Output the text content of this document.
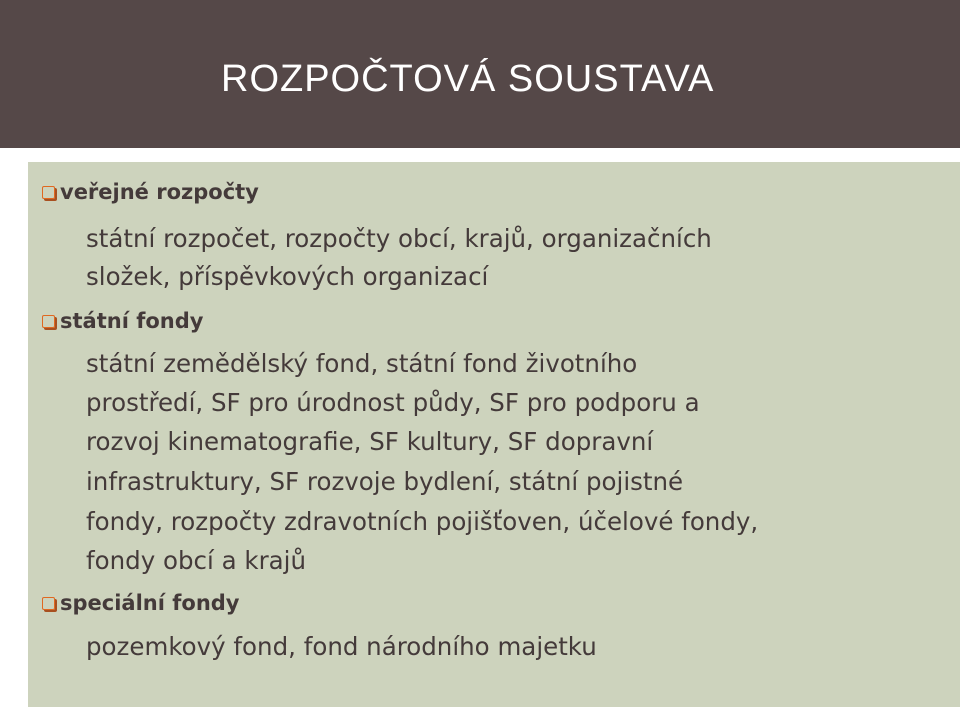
ROZPOČTOVÁ SOUSTAVA
veřejné rozpočty
státní rozpočet, rozpočty obcí, krajů, organizačních
složek, příspěvkových organizací
státní fondy
státní zemědělský fond, státní fond životního
prostředí, SF pro úrodnost půdy, SF pro podporu a
rozvoj kinematografie, SF kultury, SF dopravní
infrastruktury, SF rozvoje bydlení, státní pojistné
fondy, rozpočty zdravotních pojišťoven, účelové fondy,
fondy obcí a krajů
speciální fondy
pozemkový fond, fond národního majetku
